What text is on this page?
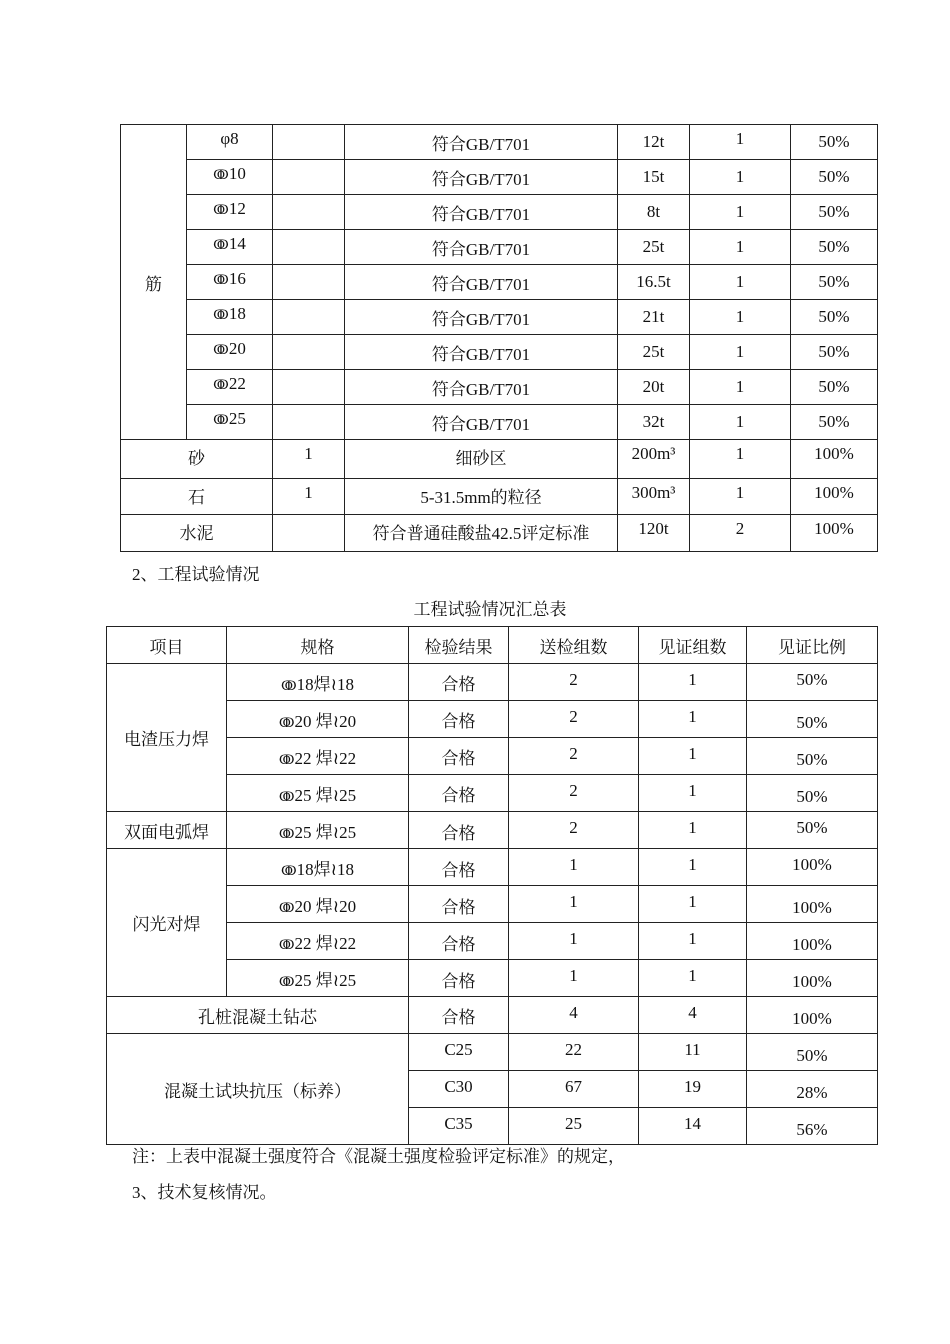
筋	φ8		符合GB/T701	12t	1	50%
	ↂ10		符合GB/T701	15t	1	50%
	ↂ12		符合GB/T701	8t	1	50%
	ↂ14		符合GB/T701	25t	1	50%
	ↂ16		符合GB/T701	16.5t	1	50%
	ↂ18		符合GB/T701	21t	1	50%
	ↂ20		符合GB/T701	25t	1	50%
	ↂ22		符合GB/T701	20t	1	50%
	ↂ25		符合GB/T701	32t	1	50%
砂		1	细砂区	200m³	1	100%
石		1	5-31.5mm的粒径	300m³	1	100%
水泥			符合普通硅酸盐42.5评定标准	120t	2	100%
2、工程试验情况
工程试验情况汇总表
项目	规格	检验结果	送检组数	见证组数	见证比例
电渣压力焊	ↂ18焊≀18	合格	2	1	50%
	ↂ20 焊≀20	合格	2	1	50%
	ↂ22 焊≀22	合格	2	1	50%
	ↂ25 焊≀25	合格	2	1	50%
双面电弧焊	ↂ25 焊≀25	合格	2	1	50%
闪光对焊	ↂ18焊≀18	合格	1	1	100%
	ↂ20 焊≀20	合格	1	1	100%
	ↂ22 焊≀22	合格	1	1	100%
	ↂ25 焊≀25	合格	1	1	100%
孔桩混凝土钻芯		合格	4	4	100%
混凝土试块抗压（标养）		C25	22	11	50%
		C30	67	19	28%
		C35	25	14	56%
注：上表中混凝土强度符合《混凝土强度检验评定标准》的规定，
3、技术复核情况。
